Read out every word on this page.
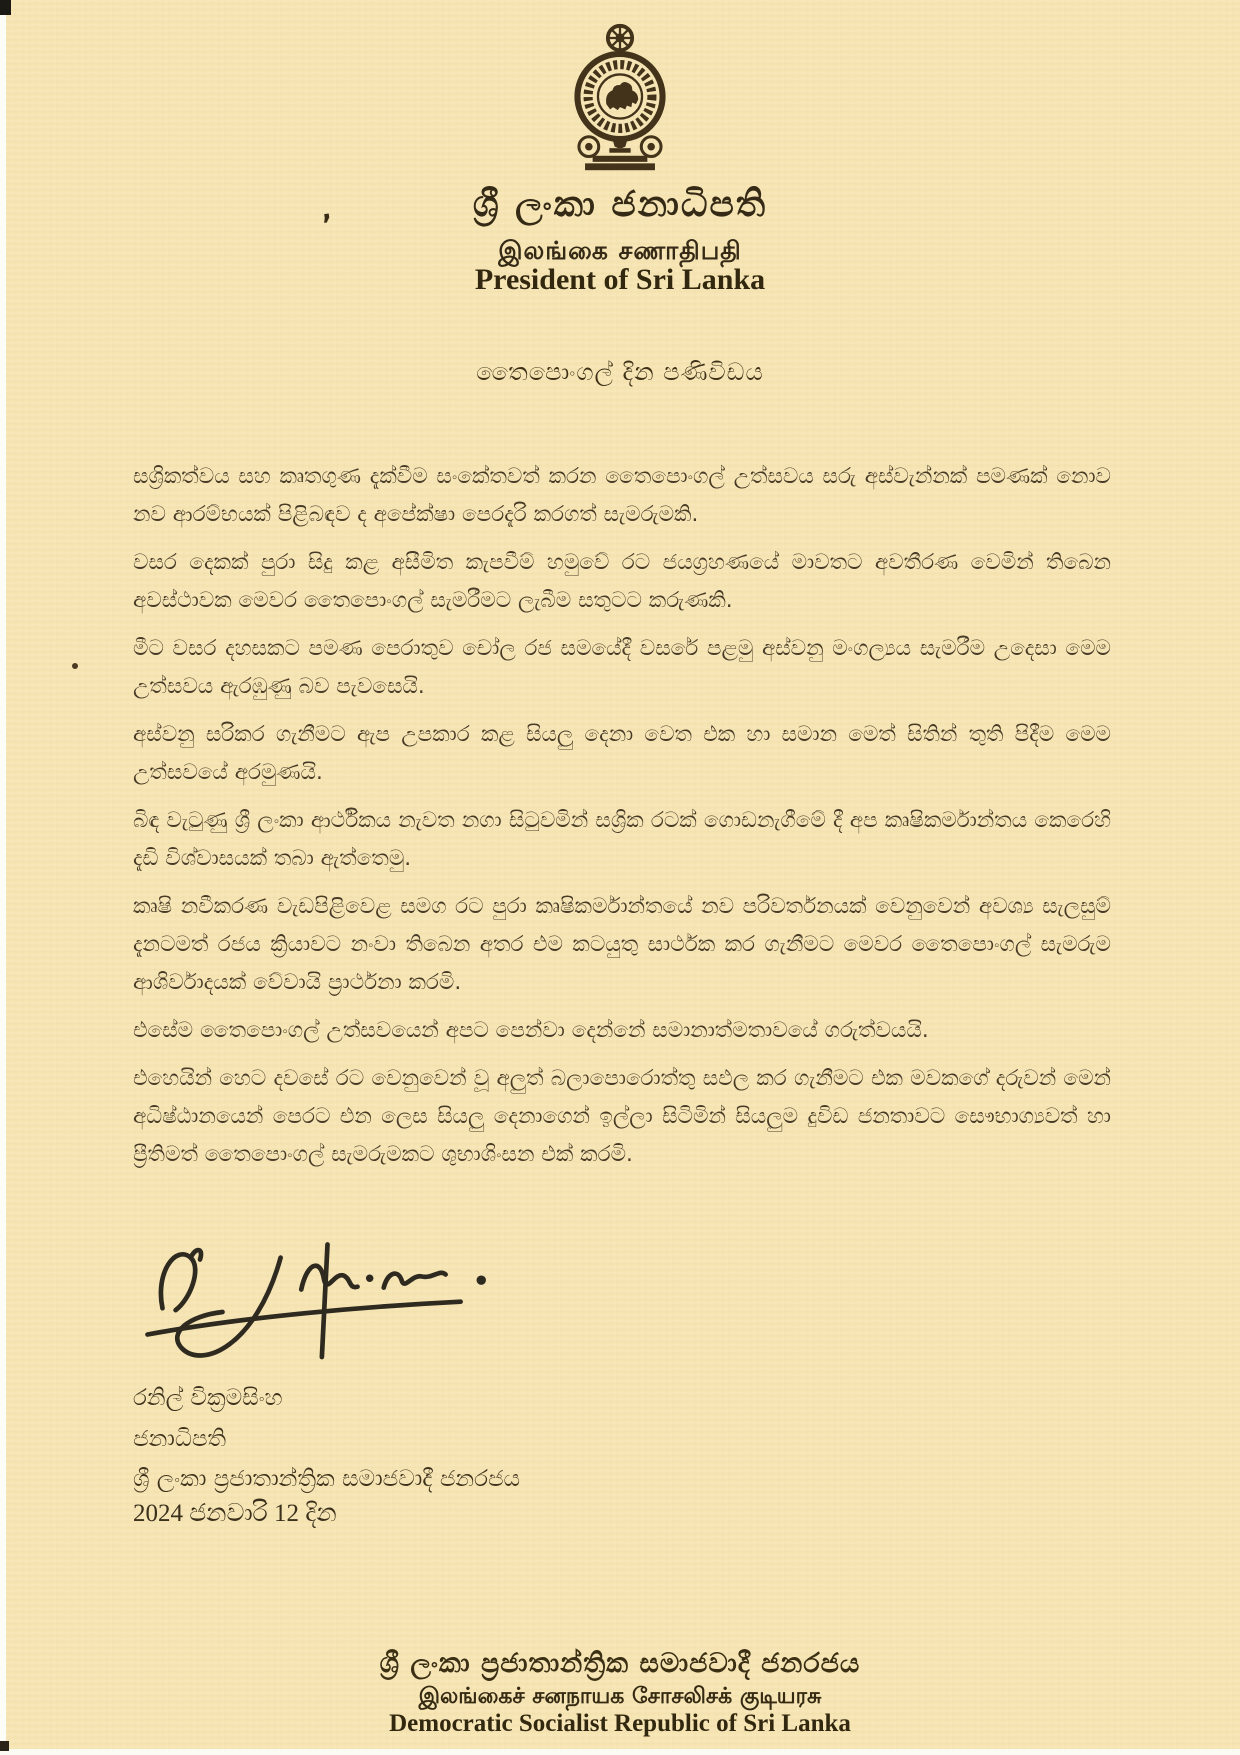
,	ශ්‍රී ලංකා ජනාධිපති
இலங்கை சணாதிபதி
President of Sri Lanka
තෛපොංගල් දින පණිවිඩය

සශ්‍රිකත්වය සහ කෘතගුණ දැක්වීම සංකේතවත් කරන තෛපොංගල් උත්සවය සරු අස්වැන්නක් පමණක් නොව නව ආරම්භයක් පිළිබඳව ද අපේක්ෂා පෙරදැරි කරගත් සැමරුමකි.

වසර දෙකක් පුරා සිදු කළ අසීමිත කැපවීම් හමුවේ රට ජයග්‍රහණයේ මාවතට අවතීරණ වෙමින් තිබෙන අවස්ථාවක මෙවර තෛපොංගල් සැමරීමට ලැබීම සතුටට කරුණකි.

මීට වසර දහසකට පමණ පෙරාතුව චෝල රජ සමයේදී වසරේ පළමු අස්වනු මංගල්‍යය සැමරීම උදෙසා මෙම උත්සවය ඇරඹුණු බව පැවසෙයි.

අස්වනු සරිකර ගැනීමට ඇප උපකාර කළ සියලු දෙනා වෙත එක හා සමාන මෙත් සිතින් තුති පිදීම මෙම උත්සවයේ අරමුණයි.

බිඳ වැටුණු ශ්‍රී ලංකා ආර්ථිකය නැවත නගා සිටුවමින් සශ්‍රික රටක් ගොඩනැගීමේ දී අප කෘෂිකර්මාන්තය කෙරෙහි දැඩි විශ්වාසයක් තබා ඇත්තෙමු.

කෘෂි නවීකරණ වැඩපිළිවෙළ සමග රට පුරා කෘෂිකර්මාන්තයේ නව පරිවර්තනයක් වෙනුවෙන් අවශ්‍ය සැලසුම් දැනටමත් රජය ක්‍රියාවට නංවා තිබෙන අතර එම කටයුතු සාර්ථක කර ගැනීමට මෙවර තෛපොංගල් සැමරුම ආශිර්වාදයක් වේවායි ප්‍රාර්ථනා කරමි.

එසේම තෛපොංගල් උත්සවයෙන් අපට පෙන්වා දෙන්නේ සමානාත්මතාවයේ ගරුත්වයයි.

එහෙයින් හෙට දවසේ රට වෙනුවෙන් වූ අලුත් බලාපොරොත්තු සඵල කර ගැනීමට එක මවකගේ දරුවන් මෙන් අධිෂ්ඨානයෙන් පෙරට එන ලෙස සියලු දෙනාගෙන් ඉල්ලා සිටිමින් සියලුම දුවිඩ ජනතාවට සෞභාග්‍යවත් හා ප්‍රීතිමත් තෛපොංගල් සැමරුමකට ශුභාශිංසන එක් කරමි.

රනිල් වික්‍රමසිංහ
ජනාධිපති
ශ්‍රී ලංකා ප්‍රජාතාන්ත්‍රික සමාජවාදී ජනරජය
2024 ජනවාරි 12 දින
ශ්‍රී ලංකා ප්‍රජාතාන්ත්‍රික සමාජවාදී ජනරජය
இலங்கைச் சனநாயக சோசலிசக் குடியரசு
Democratic Socialist Republic of Sri Lanka
